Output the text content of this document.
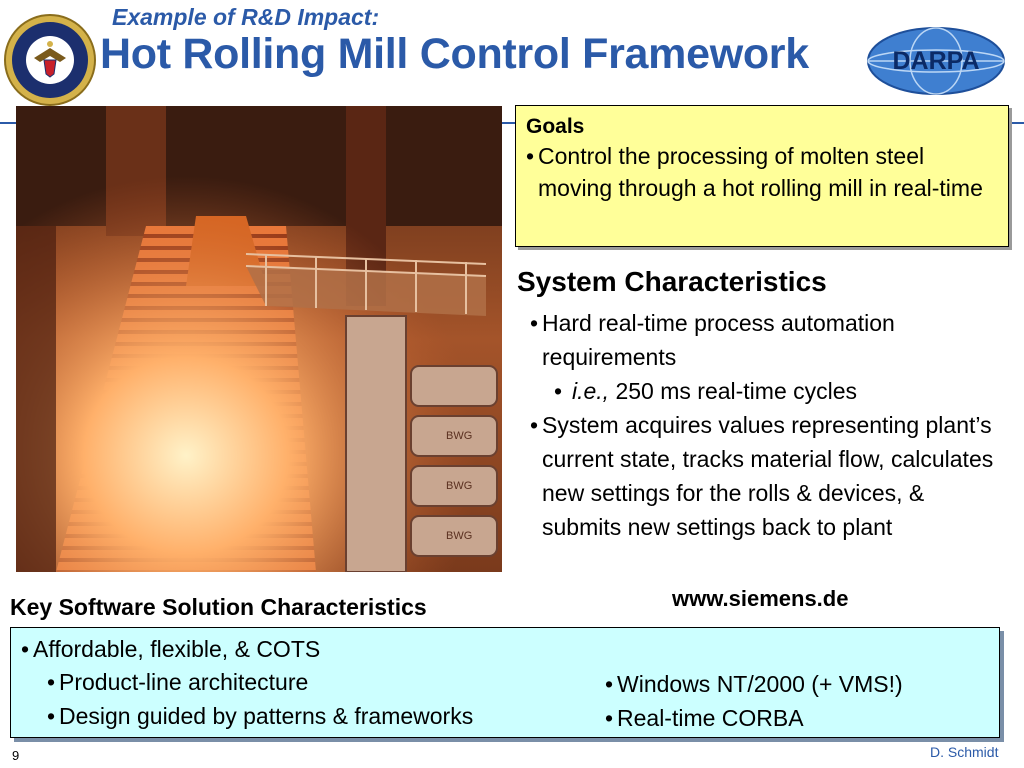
Example of R&D Impact:
Hot Rolling Mill Control Framework	DARPA
BWG
BWG
BWG
Goals
• Control the processing of molten steel moving through a hot rolling mill in real-time
System Characteristics
• Hard real-time process automation requirements
• i.e., 250 ms real-time cycles
• System acquires values representing plant’s current state, tracks material flow, calculates new settings for the rolls & devices, & submits new settings back to plant
www.siemens.de
Key Software Solution Characteristics
• Affordable, flexible, & COTS
• Product-line architecture
• Design guided by patterns & frameworks
• Windows NT/2000 (+ VMS!)
• Real-time CORBA
9	D. Schmidt
